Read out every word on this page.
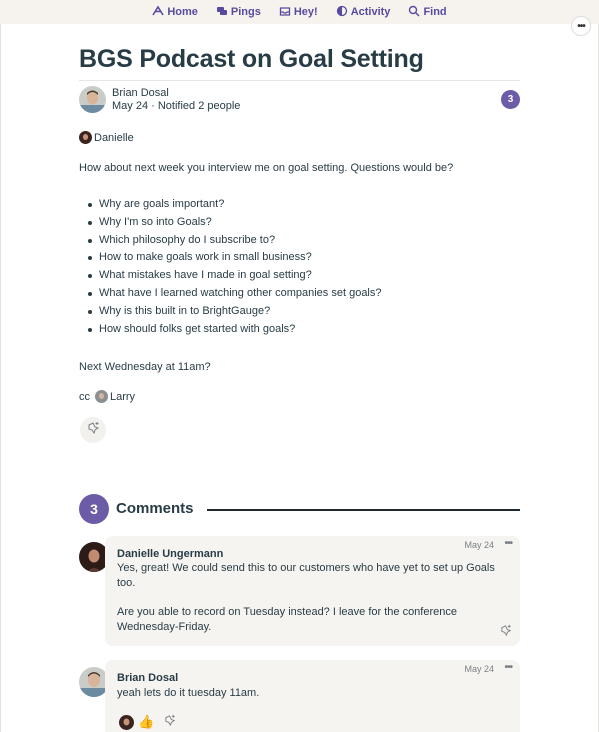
Home	Pings	Hey!	Activity	Find
•••
BGS Podcast on Goal Setting
Brian Dosal
May 24 · Notified 2 people
3
Danielle
How about next week you interview me on goal setting. Questions would be?
Why are goals important?
Why I'm so into Goals?
Which philosophy do I subscribe to?
How to make goals work in small business?
What mistakes have I made in goal setting?
What have I learned watching other companies set goals?
Why is this built in to BrightGauge?
How should folks get started with goals?
Next Wednesday at 11am?
cc Larry
3	Comments
May 24 •••
Danielle Ungermann
Yes, great! We could send this to our customers who have yet to set up Goals
too.
Are you able to record on Tuesday instead? I leave for the conference
Wednesday-Friday.
May 24 •••
Brian Dosal
yeah lets do it tuesday 11am.
👍
